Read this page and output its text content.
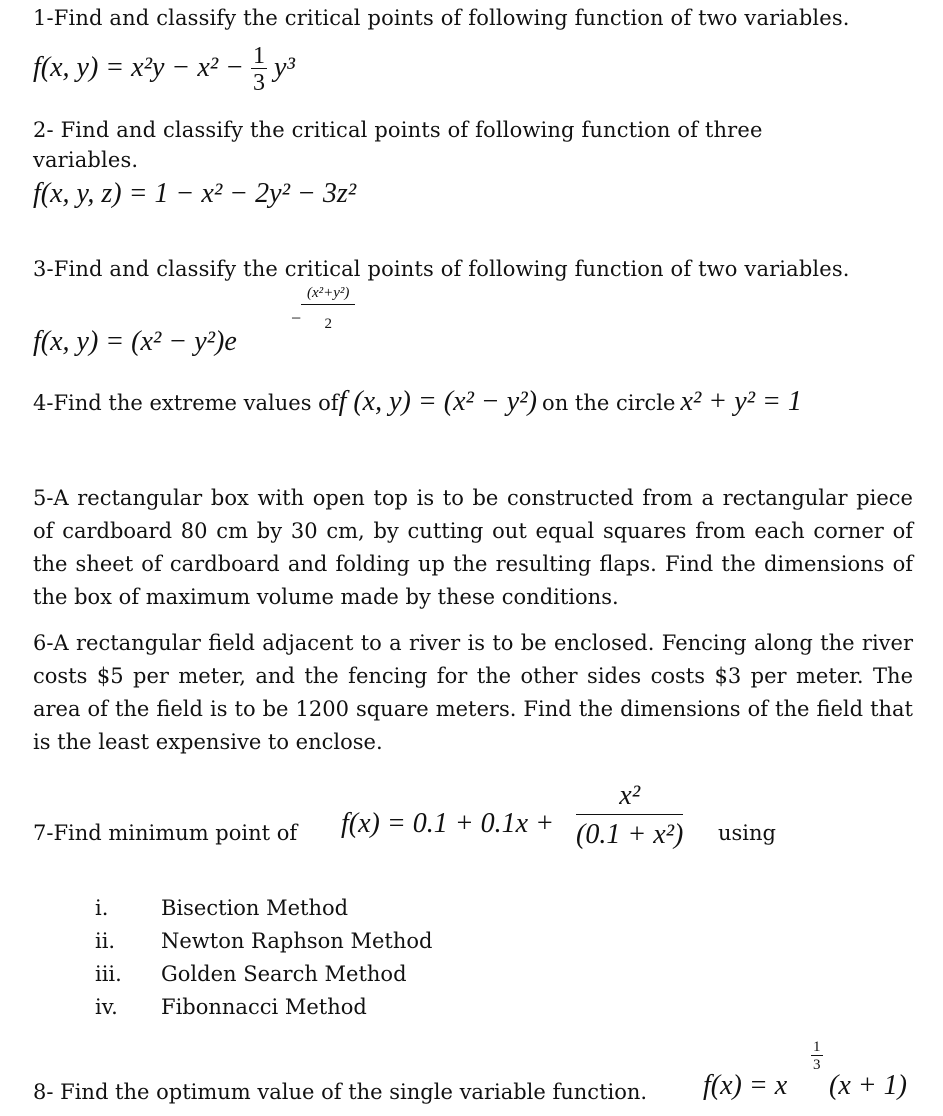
1-Find and classify the critical points of following function of two variables.
f(x, $y) = x^2y - x^2 - \frac{1}{3} y^3$
2- Find and classify the critical points of following function of three
variables.
f(x, y, z) = 1 − x² − 2y² − 3z²
3-Find and classify the critical points of following function of two variables.
f(x, y) = (x² − y²)e
− $\frac{\text{(x²+y²)}}{2}$
4-Find the extreme values off (x, y) = (x² − y²) on the circle x² + y² = 1
5-A rectangular box with open top is to be constructed from a rectangular piece of cardboard 80 cm by 30 cm, by cutting out equal squares from each corner of the sheet of cardboard and folding up the resulting flaps. Find the dimensions of the box of maximum volume made by these conditions.
6-A rectangular field adjacent to a river is to be enclosed. Fencing along the river costs $5 per meter, and the fencing for the other sides costs $3 per meter. The area of the field is to be 1200 square meters. Find the dimensions of the field that is the least expensive to enclose.
7-Find minimum point of $f(x) = 0.1 + 0.1x + \frac{\text{x²}}{\text{(0.1 + x²)}}$ using
i.	Bisection Method
ii. Newton Raphson Method
iii. Golden Search Method
iv. Fibonnacci Method
8- Find the optimum value of the single variable function. f(x) = x
$\frac{1}{3}$
(x + 1)
